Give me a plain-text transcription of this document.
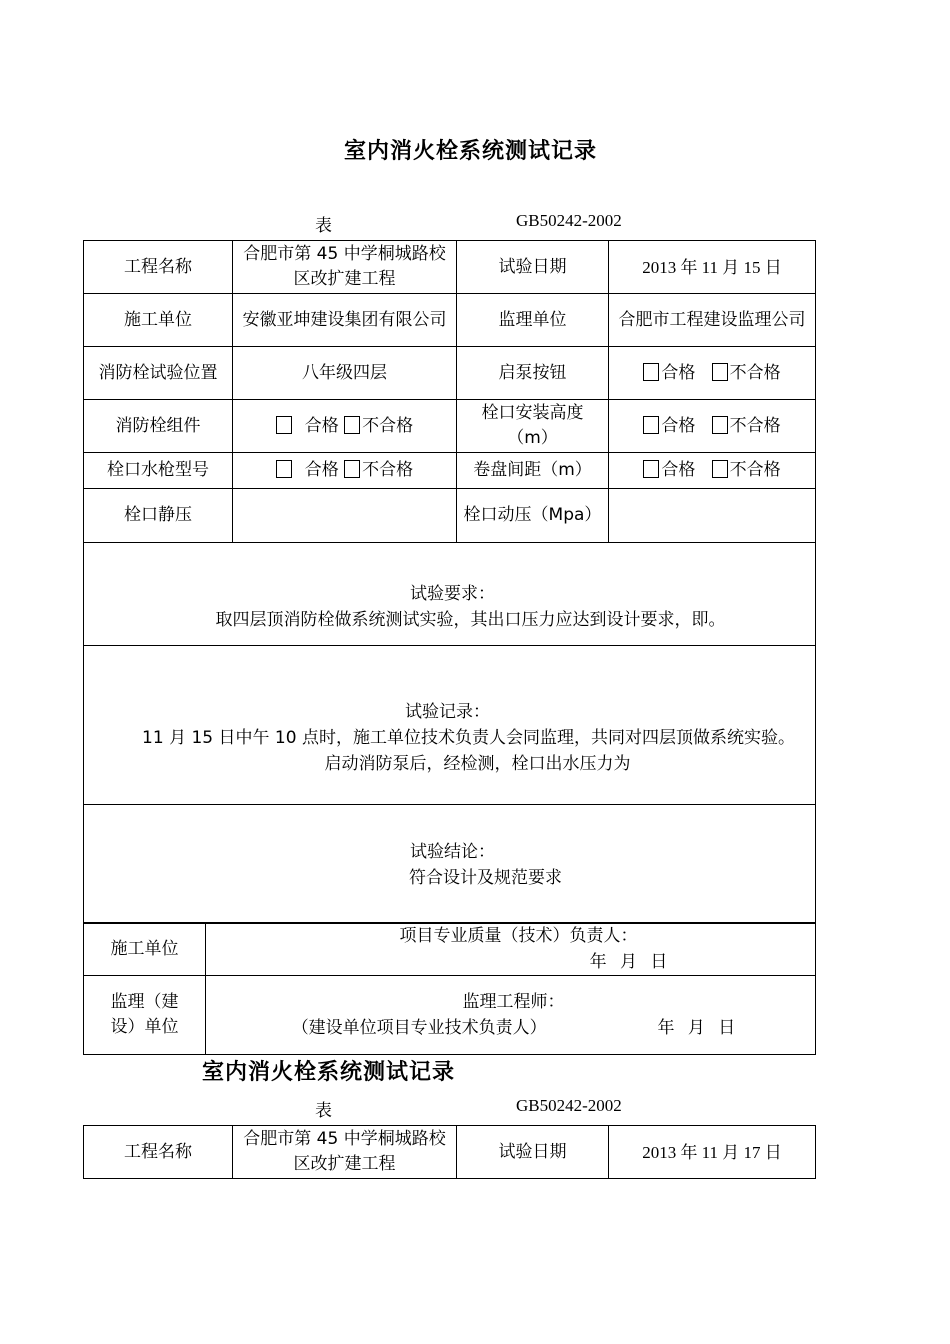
室内消火栓系统测试记录
表	GB50242-2002
工程名称	合肥市第 45 中学桐城路校区改扩建工程	试验日期	2013 年 11 月 15 日
施工单位	安徽亚坤建设集团有限公司	监理单位	合肥市工程建设监理公司
消防栓试验位置	八年级四层	启泵按钮	合格 不合格
消防栓组件	合格 不合格	栓口安装高度（m）	合格 不合格
栓口水枪型号	合格 不合格	卷盘间距（m）	合格 不合格
栓口静压		栓口动压（Mpa）	

试验要求：
取四层顶消防栓做系统测试实验，其出口压力应达到设计要求，即。			

试验记录：
11 月 15 日中午 10 点时，施工单位技术负责人会同监理，共同对四层顶做系统实验。
启动消防泵后，经检测，栓口出水压力为			

试验结论：
符合设计及规范要求			
施工单位	项目专业质量（技术）负责人：
年 月 日

监理（建设）单位	监理工程师：
（建设单位项目专业技术负责人） 年 月 日
室内消火栓系统测试记录
表	GB50242-2002
工程名称	合肥市第 45 中学桐城路校区改扩建工程	试验日期	2013 年 11 月 17 日
